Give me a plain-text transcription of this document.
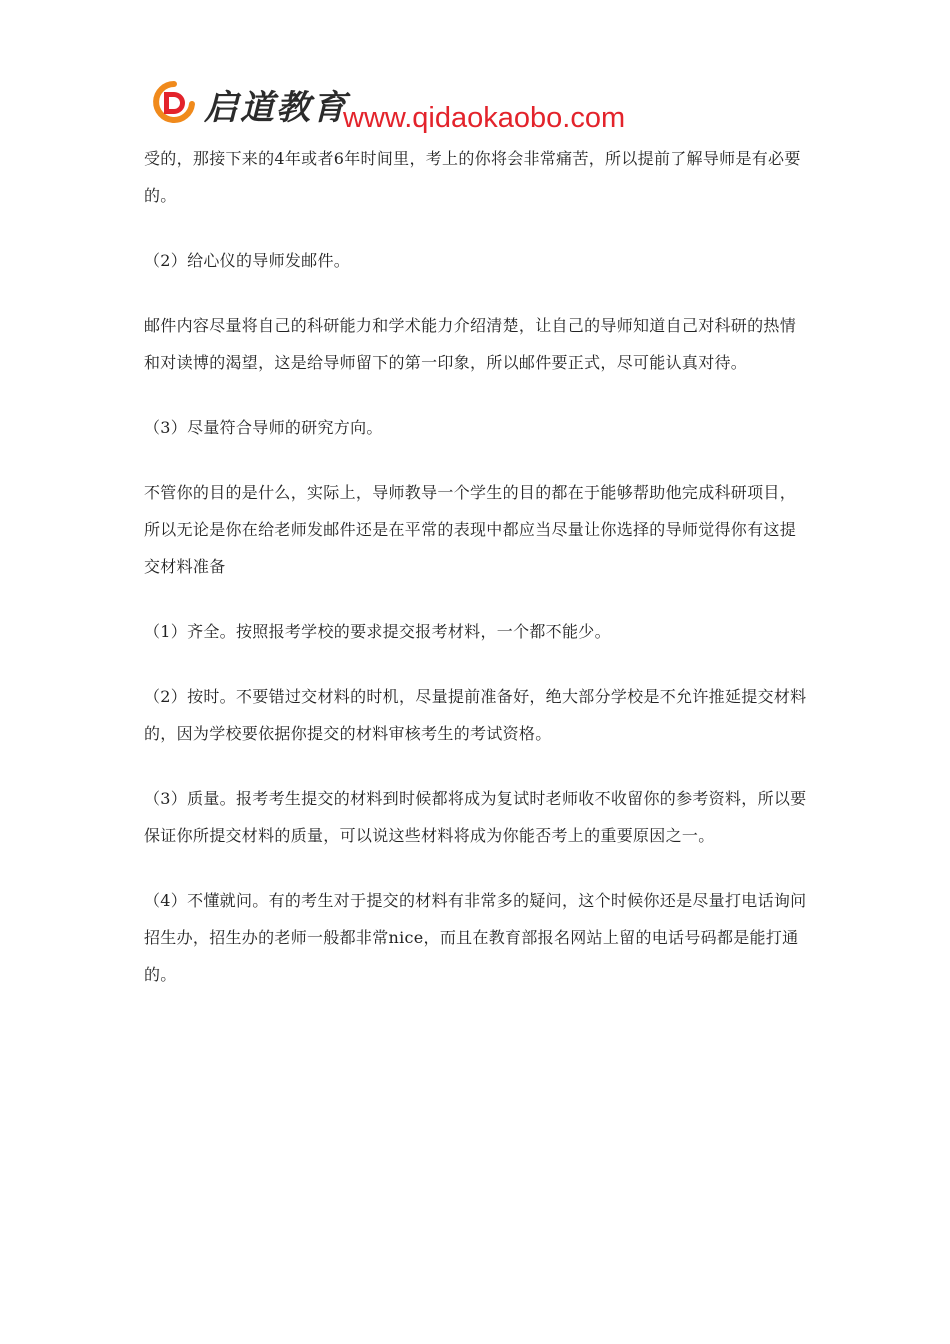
启道教育
www.qidaokaobo.com

受的，那接下来的4年或者6年时间里，考上的你将会非常痛苦，所以提前了解导师是有必要的。

（2）给心仪的导师发邮件。

邮件内容尽量将自己的科研能力和学术能力介绍清楚，让自己的导师知道自己对科研的热情和对读博的渴望，这是给导师留下的第一印象，所以邮件要正式，尽可能认真对待。

（3）尽量符合导师的研究方向。

不管你的目的是什么，实际上，导师教导一个学生的目的都在于能够帮助他完成科研项目，所以无论是你在给老师发邮件还是在平常的表现中都应当尽量让你选择的导师觉得你有这提交材料准备

（1）齐全。按照报考学校的要求提交报考材料，一个都不能少。

（2）按时。不要错过交材料的时机，尽量提前准备好，绝大部分学校是不允许推延提交材料的，因为学校要依据你提交的材料审核考生的考试资格。

（3）质量。报考考生提交的材料到时候都将成为复试时老师收不收留你的参考资料，所以要保证你所提交材料的质量，可以说这些材料将成为你能否考上的重要原因之一。

（4）不懂就问。有的考生对于提交的材料有非常多的疑问，这个时候你还是尽量打电话询问招生办，招生办的老师一般都非常nice，而且在教育部报名网站上留的电话号码都是能打通的。
